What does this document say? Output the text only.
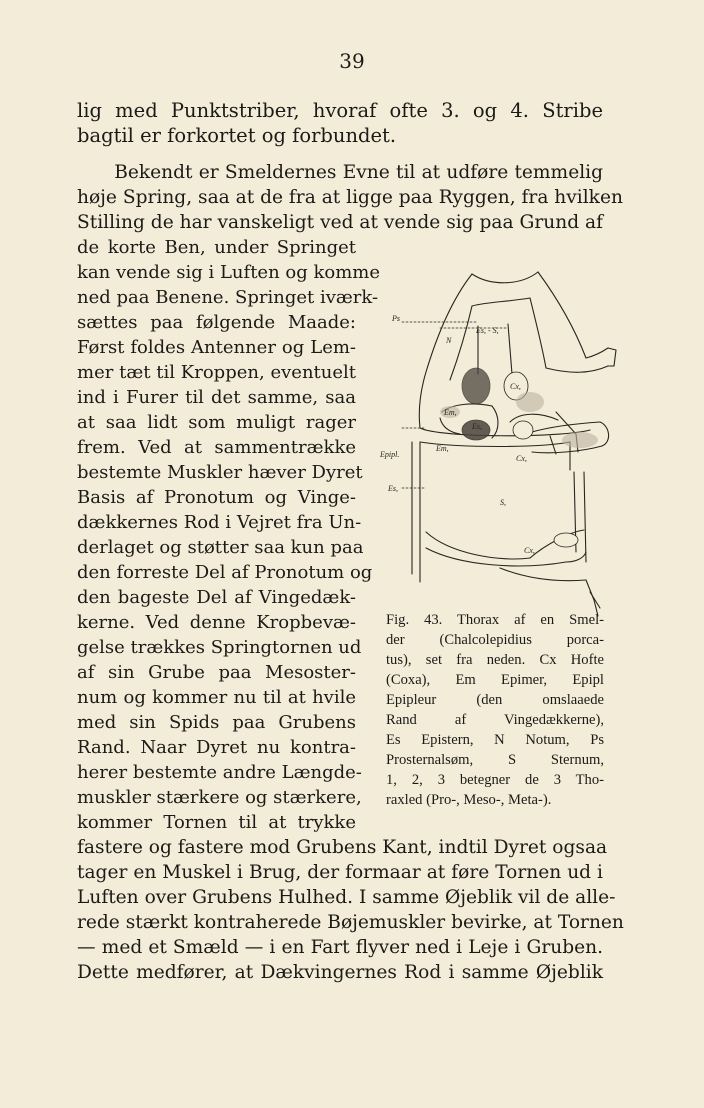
39
lig med Punktstriber, hvoraf ofte 3. og 4. Stribe
bagtil er forkortet og forbundet.
  Bekendt er Smeldernes Evne til at udføre temmelig
høje Spring, saa at de fra at ligge paa Ryggen, fra hvilken
Stilling de har vanskeligt ved at vende sig paa Grund af
de korte Ben, under Springet
kan vende sig i Luften og komme
ned paa Benene. Springet iværk-
sættes paa følgende Maade:
Først foldes Antenner og Lem-
mer tæt til Kroppen, eventuelt
ind i Furer til det samme, saa
at saa lidt som muligt rager
frem. Ved at sammentrække
bestemte Muskler hæver Dyret
Basis af Pronotum og Vinge-
dækkernes Rod i Vejret fra Un-
derlaget og støtter saa kun paa
den forreste Del af Pronotum og
den bageste Del af Vingedæk-
kerne. Ved denne Kropbevæ-
gelse trækkes Springtornen ud
af sin Grube paa Mesoster-
num og kommer nu til at hvile
med sin Spids paa Grubens
Rand. Naar Dyret nu kontra-
herer bestemte andre Længde-
muskler stærkere og stærkere,
kommer Tornen til at trykke
fastere og fastere mod Grubens Kant, indtil Dyret ogsaa
tager en Muskel i Brug, der formaar at føre Tornen ud i
Luften over Grubens Hulhed. I samme Øjeblik vil de alle-
rede stærkt kontraherede Bøjemuskler bevirke, at Tornen
— med et Smæld — i en Fart flyver ned i Leje i Gruben.
Dette medfører, at Dækvingernes Rod i samme Øjeblik
Ps
Es, - S,
N
Cx,
Em,
Es,
Epipl.
Em,
Es,
Cx,
S,
Cx,
Fig. 43. Thorax af en Smel-
der (Chalcolepidius porca-
tus), set fra neden. Cx Hofte
(Coxa), Em Epimer, Epipl
Epipleur (den omslaaede
Rand af Vingedækkerne),
Es Epistern, N Notum, Ps
Prosternalsøm, S Sternum,
1, 2, 3 betegner de 3 Tho-
raxled (Pro-, Meso-, Meta-).
